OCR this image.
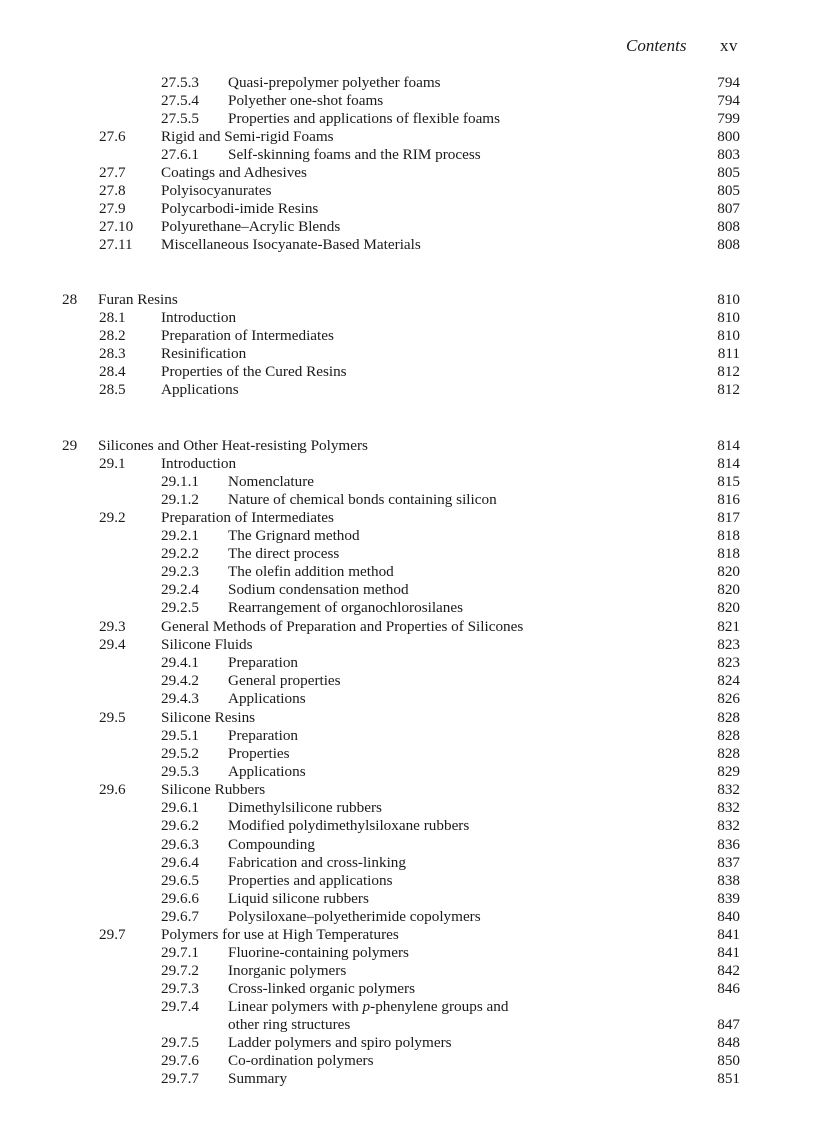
Contents xv
27.5.3 Quasi-prepolymer polyether foams	794
27.5.4 Polyether one-shot foams	794
27.5.5 Properties and applications of flexible foams	799
27.6 Rigid and Semi-rigid Foams	800
27.6.1 Self-skinning foams and the RIM process	803
27.7 Coatings and Adhesives	805
27.8 Polyisocyanurates	805
27.9 Polycarbodi-imide Resins	807
27.10 Polyurethane–Acrylic Blends	808
27.11 Miscellaneous Isocyanate-Based Materials	808
28 Furan Resins	810
28.1 Introduction	810
28.2 Preparation of Intermediates	810
28.3 Resinification	811
28.4 Properties of the Cured Resins	812
28.5 Applications	812
29 Silicones and Other Heat-resisting Polymers	814
29.1 Introduction	814
29.1.1 Nomenclature	815
29.1.2 Nature of chemical bonds containing silicon	816
29.2 Preparation of Intermediates	817
29.2.1 The Grignard method	818
29.2.2 The direct process	818
29.2.3 The olefin addition method	820
29.2.4 Sodium condensation method	820
29.2.5 Rearrangement of organochlorosilanes	820
29.3 General Methods of Preparation and Properties of Silicones	821
29.4 Silicone Fluids	823
29.4.1 Preparation	823
29.4.2 General properties	824
29.4.3 Applications	826
29.5 Silicone Resins	828
29.5.1 Preparation	828
29.5.2 Properties	828
29.5.3 Applications	829
29.6 Silicone Rubbers	832
29.6.1 Dimethylsilicone rubbers	832
29.6.2 Modified polydimethylsiloxane rubbers	832
29.6.3 Compounding	836
29.6.4 Fabrication and cross-linking	837
29.6.5 Properties and applications	838
29.6.6 Liquid silicone rubbers	839
29.6.7 Polysiloxane–polyetherimide copolymers	840
29.7 Polymers for use at High Temperatures	841
29.7.1 Fluorine-containing polymers	841
29.7.2 Inorganic polymers	842
29.7.3 Cross-linked organic polymers	846
29.7.4 Linear polymers with p-phenylene groups and
other ring structures	847
29.7.5 Ladder polymers and spiro polymers	848
29.7.6 Co-ordination polymers	850
29.7.7 Summary	851
